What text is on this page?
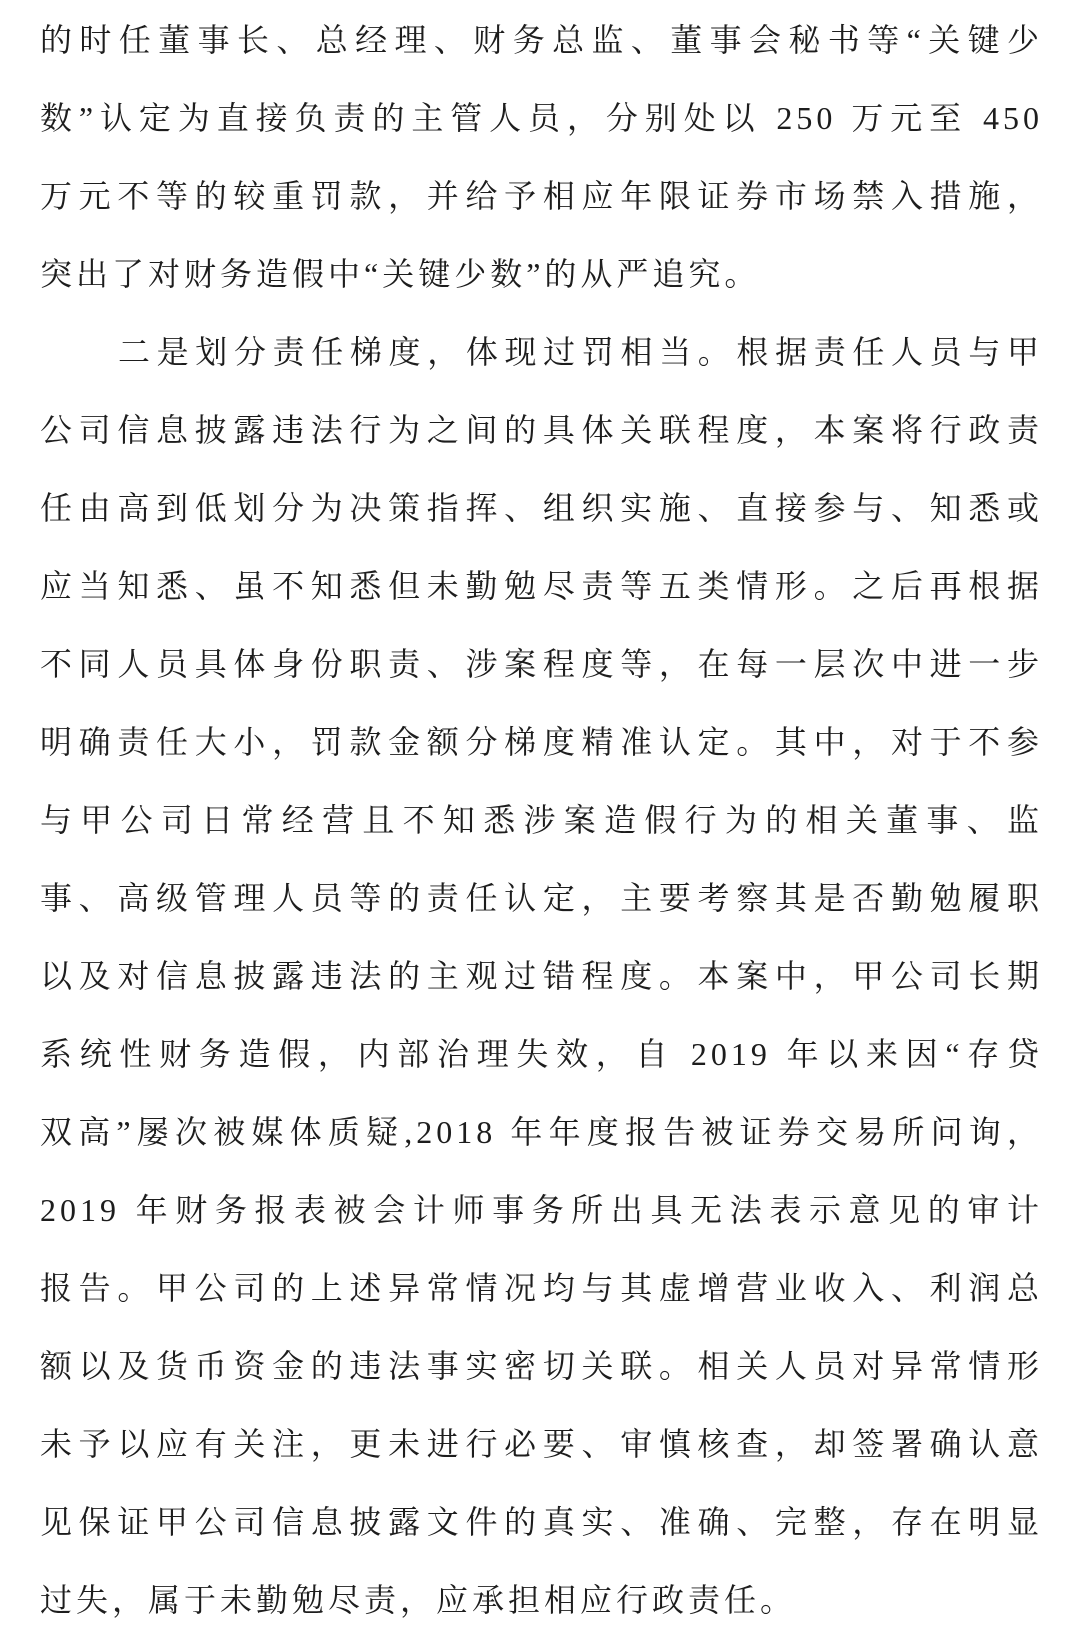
的时任董事长、总经理、财务总监、董事会秘书等“关键少
数”认定为直接负责的主管人员，分别处以 250 万元至 450
万元不等的较重罚款，并给予相应年限证券市场禁入措施，
突出了对财务造假中“关键少数”的从严追究。
二是划分责任梯度，体现过罚相当。根据责任人员与甲
公司信息披露违法行为之间的具体关联程度，本案将行政责
任由高到低划分为决策指挥、组织实施、直接参与、知悉或
应当知悉、虽不知悉但未勤勉尽责等五类情形。之后再根据
不同人员具体身份职责、涉案程度等，在每一层次中进一步
明确责任大小，罚款金额分梯度精准认定。其中，对于不参
与甲公司日常经营且不知悉涉案造假行为的相关董事、监
事、高级管理人员等的责任认定，主要考察其是否勤勉履职
以及对信息披露违法的主观过错程度。本案中，甲公司长期
系统性财务造假，内部治理失效，自 2019 年以来因“存贷
双高”屡次被媒体质疑,2018 年年度报告被证券交易所问询，
2019 年财务报表被会计师事务所出具无法表示意见的审计
报告。甲公司的上述异常情况均与其虚增营业收入、利润总
额以及货币资金的违法事实密切关联。相关人员对异常情形
未予以应有关注，更未进行必要、审慎核查，却签署确认意
见保证甲公司信息披露文件的真实、准确、完整，存在明显
过失，属于未勤勉尽责，应承担相应行政责任。
